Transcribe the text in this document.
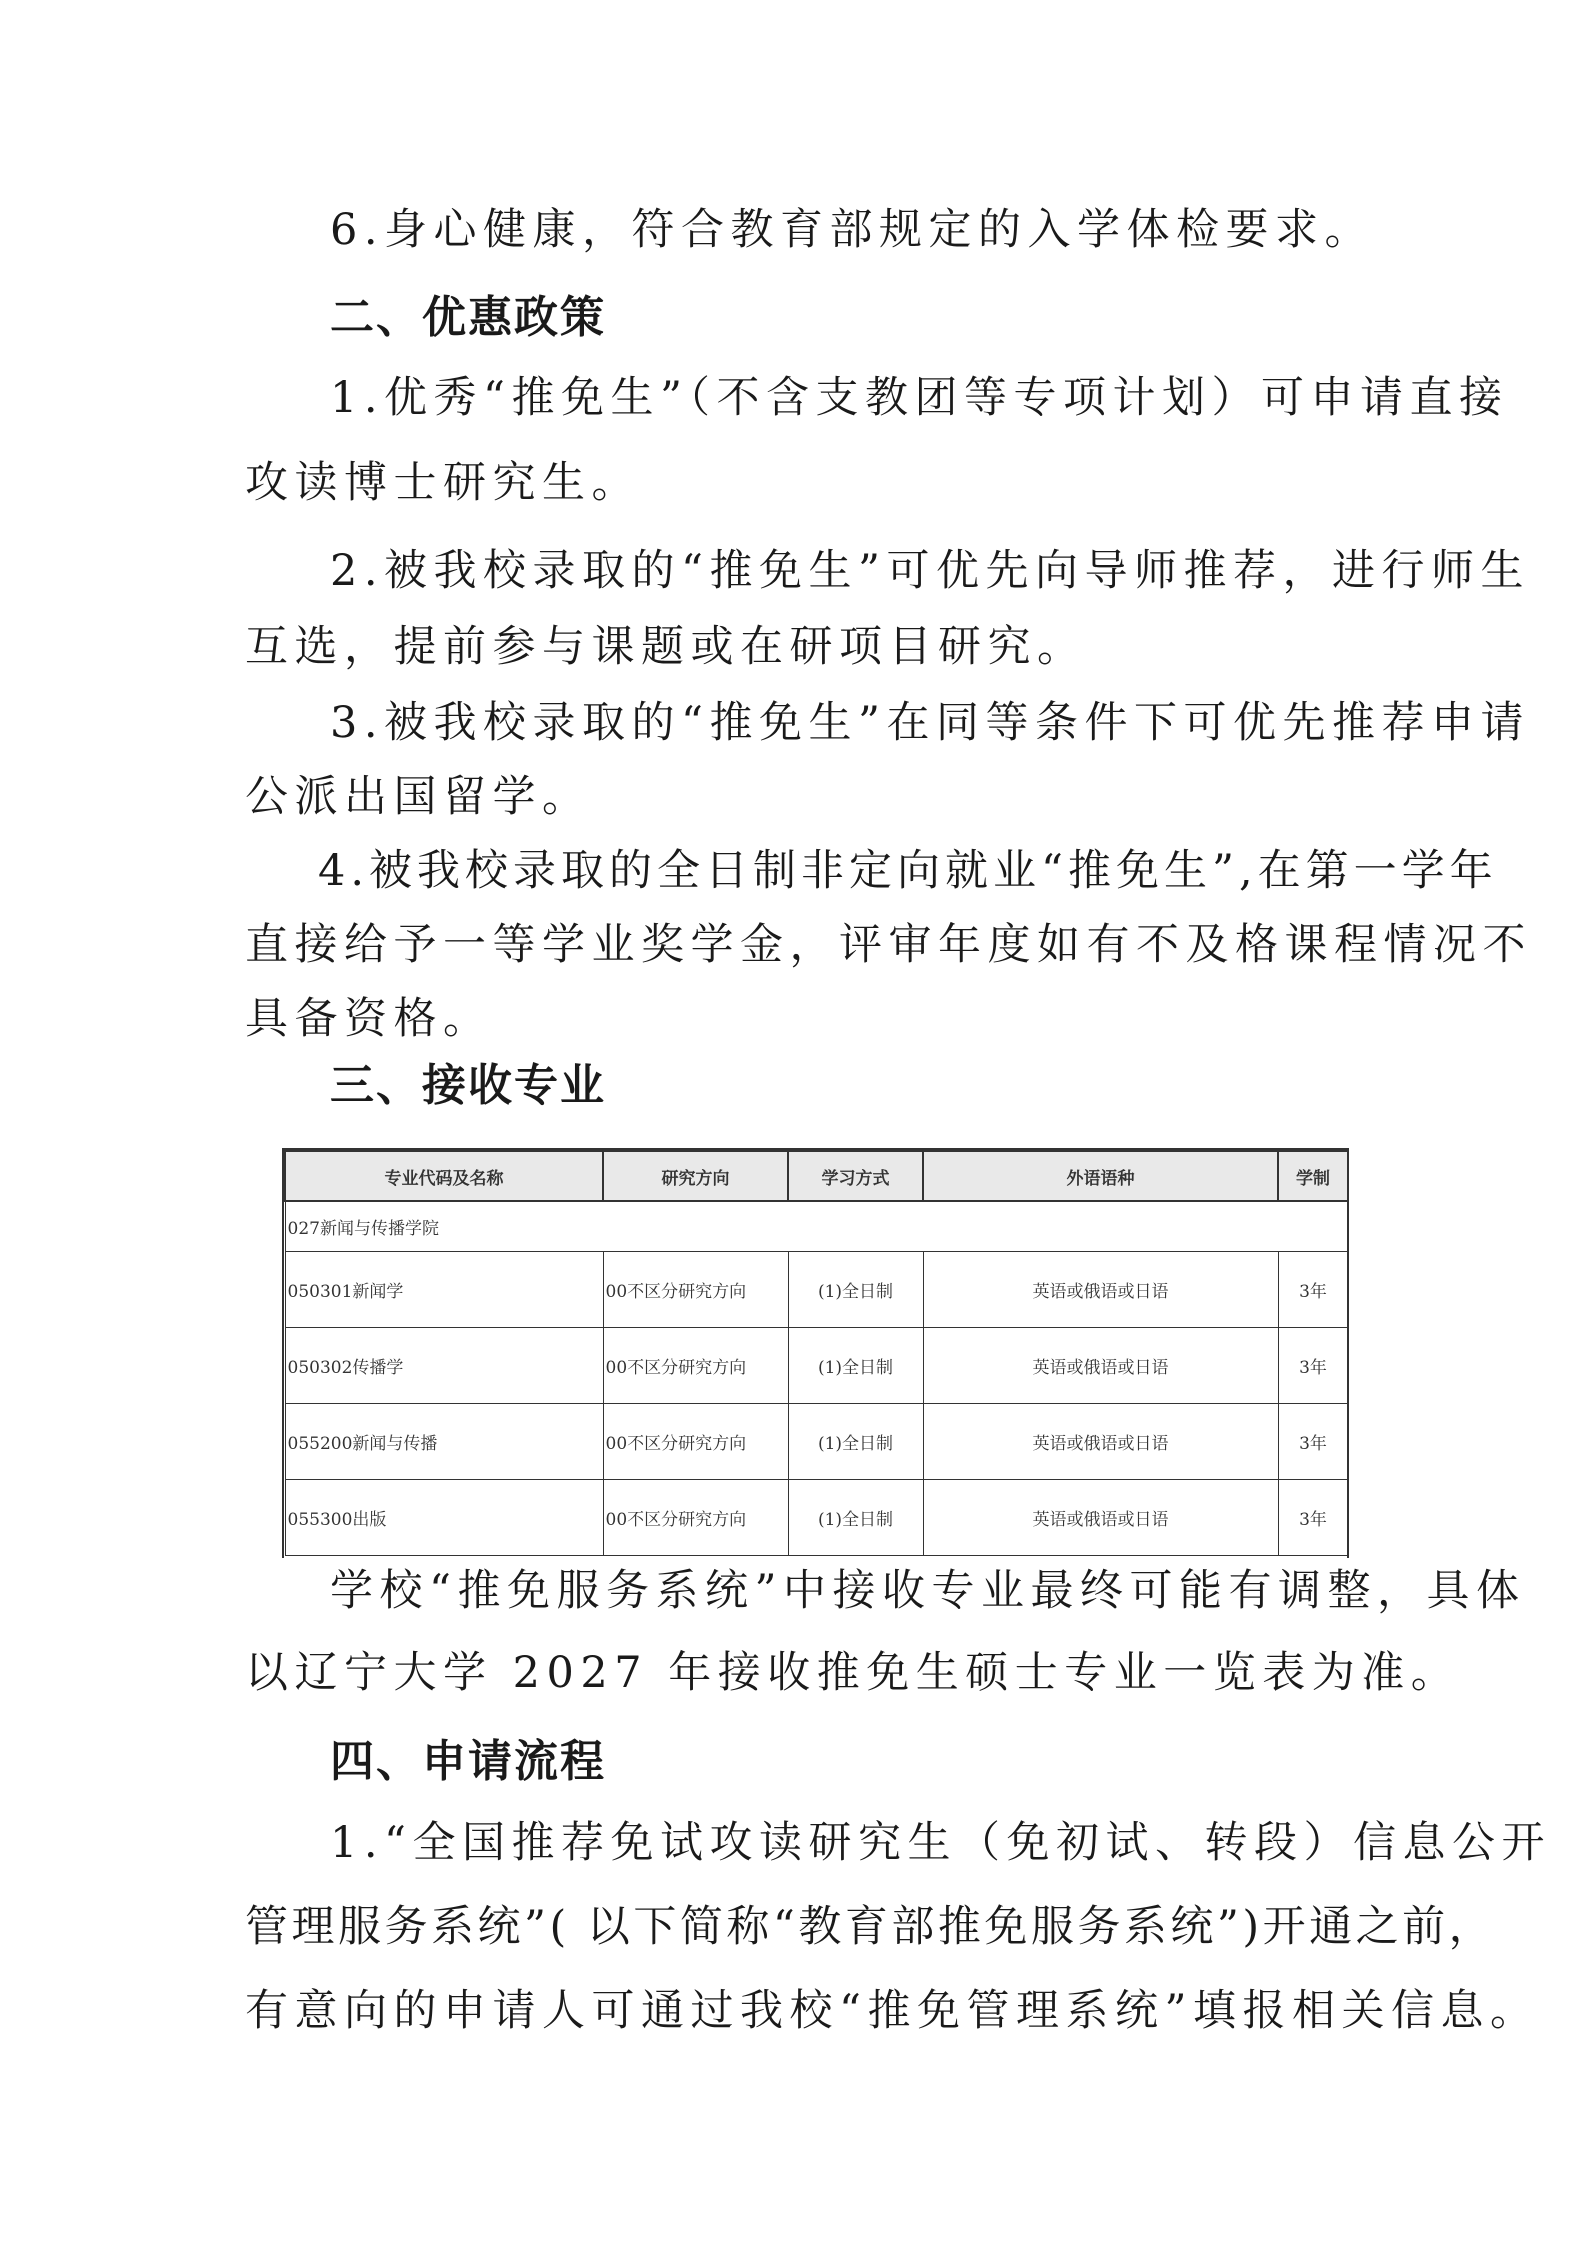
6.身心健康，符合教育部规定的入学体检要求。

二、优惠政策

1.优秀“推免生”（不含支教团等专项计划）可申请直接

攻读博士研究生。

2.被我校录取的“推免生”可优先向导师推荐，进行师生

互选，提前参与课题或在研项目研究。

3.被我校录取的“推免生”在同等条件下可优先推荐申请

公派出国留学。

4.被我校录取的全日制非定向就业“推免生”,在第一学年

直接给予一等学业奖学金，评审年度如有不及格课程情况不

具备资格。

三、接收专业

专业代码及名称	研究方向	学习方式	外语语种	学制
027新闻与传播学院				
050301新闻学	00不区分研究方向	(1)全日制	英语或俄语或日语	3年
050302传播学	00不区分研究方向	(1)全日制	英语或俄语或日语	3年
055200新闻与传播	00不区分研究方向	(1)全日制	英语或俄语或日语	3年
055300出版	00不区分研究方向	(1)全日制	英语或俄语或日语	3年

学校“推免服务系统”中接收专业最终可能有调整，具体

以辽宁大学 2027 年接收推免生硕士专业一览表为准。

四、申请流程

1.“全国推荐免试攻读研究生（免初试、转段）信息公开

管理服务系统”( 以下简称“教育部推免服务系统”)开通之前，

有意向的申请人可通过我校“推免管理系统”填报相关信息。
